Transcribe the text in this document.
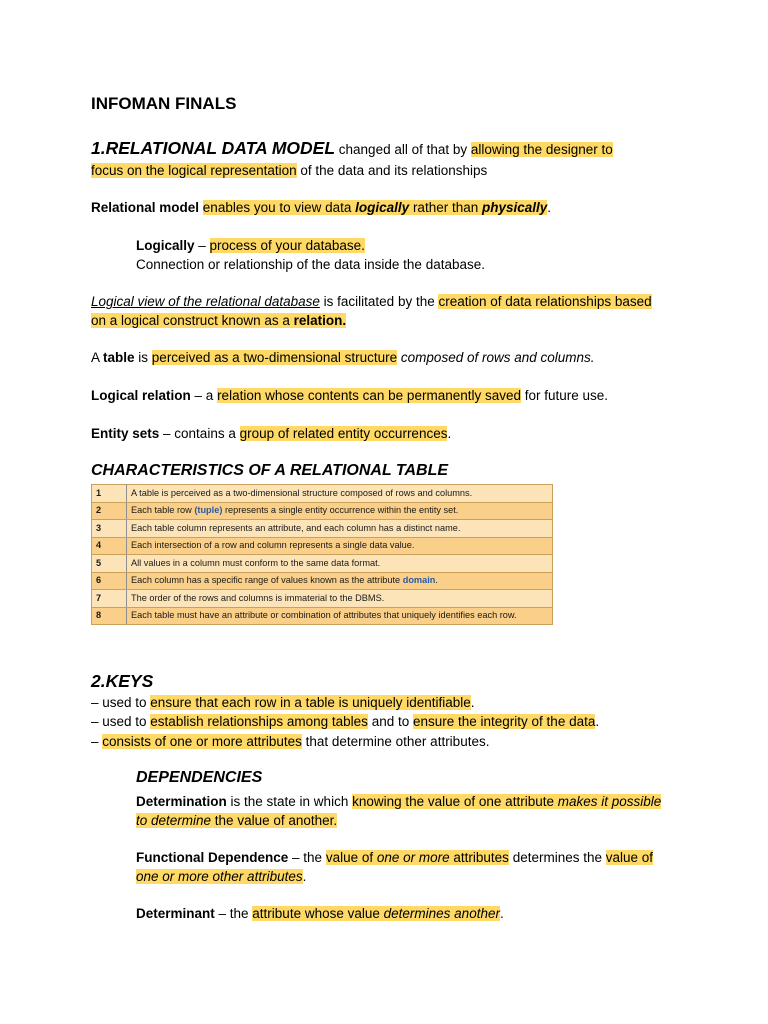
INFOMAN FINALS
1.RELATIONAL DATA MODEL changed all of that by allowing the designer to
focus on the logical representation of the data and its relationships
Relational model enables you to view data logically rather than physically.
Logically – process of your database.
Connection or relationship of the data inside the database.
Logical view of the relational database is facilitated by the creation of data relationships based
on a logical construct known as a relation.
A table is perceived as a two-dimensional structure composed of rows and columns.
Logical relation – a relation whose contents can be permanently saved for future use.
Entity sets – contains a group of related entity occurrences.
CHARACTERISTICS OF A RELATIONAL TABLE
1	A table is perceived as a two-dimensional structure composed of rows and columns.
2	Each table row (tuple) represents a single entity occurrence within the entity set.
3	Each table column represents an attribute, and each column has a distinct name.
4	Each intersection of a row and column represents a single data value.
5	All values in a column must conform to the same data format.
6	Each column has a specific range of values known as the attribute domain.
7	The order of the rows and columns is immaterial to the DBMS.
8	Each table must have an attribute or combination of attributes that uniquely identifies each row.
2.KEYS
– used to ensure that each row in a table is uniquely identifiable.
– used to establish relationships among tables and to ensure the integrity of the data.
– consists of one or more attributes that determine other attributes.
DEPENDENCIES
Determination is the state in which knowing the value of one attribute makes it possible
to determine the value of another.
Functional Dependence – the value of one or more attributes determines the value of
one or more other attributes.
Determinant – the attribute whose value determines another.
